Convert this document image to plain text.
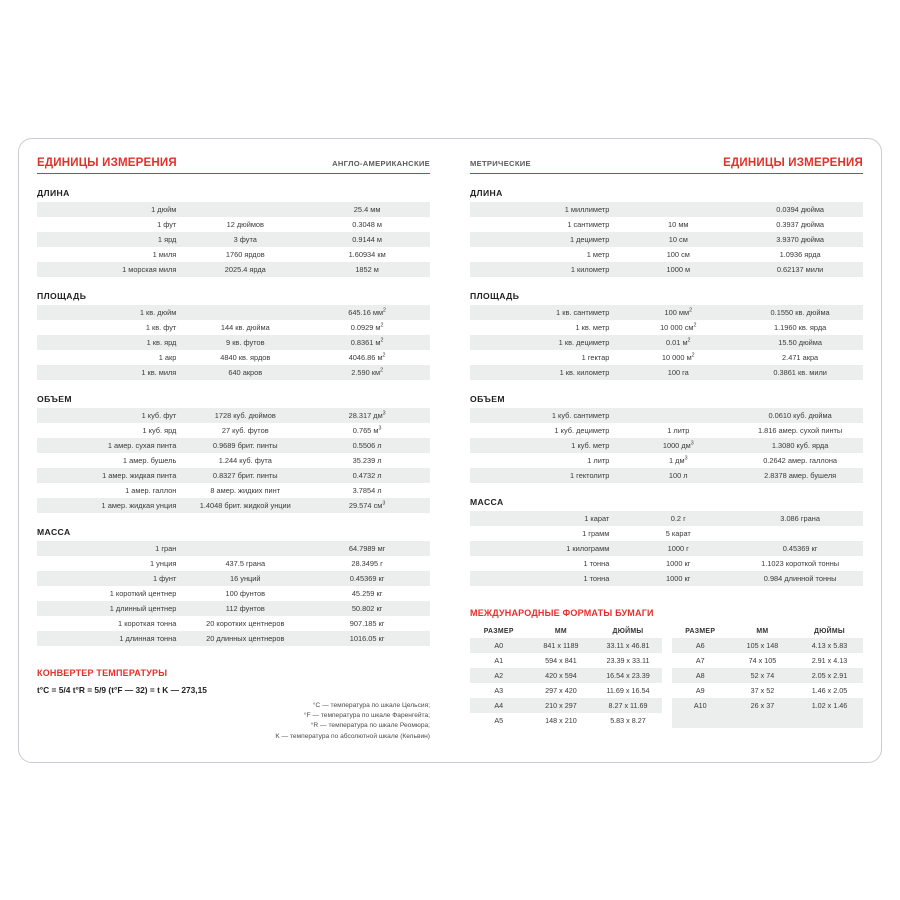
ЕДИНИЦЫ ИЗМЕРЕНИЯ	АНГЛО-АМЕРИКАНСКИЕ
ДЛИНА
1 дюйм		25.4 мм
1 фут	12 дюймов	0.3048 м
1 ярд	3 фута	0.9144 м
1 миля	1760 ярдов	1.60934 км
1 морская миля	2025.4 ярда	1852 м
ПЛОЩАДЬ
1 кв. дюйм		645.16 $мм^2$
1 кв. фут	144 кв. дюйма	0.0929 $м^2$
1 кв. ярд	9 кв. футов	0.8361 $м^2$
1 акр	4840 кв. ярдов	4046.86 $м^2$
1 кв. миля	640 акров	2.590 $км^2$
ОБЪЕМ
1 куб. фут	1728 куб. дюймов	28.317 $дм^3$
1 куб. ярд	27 куб. футов	0.765 $м^3$
1 амер. сухая пинта	0.9689 брит. пинты	0.5506 л
1 амер. бушель	1.244 куб. фута	35.239 л
1 амер. жидкая пинта	0.8327 брит. пинты	0.4732 л
1 амер. галлон	8 амер. жидких пинт	3.7854 л
1 амер. жидкая унция	1.4048 брит. жидкой унции	29.574 $см^3$
МАССА
1 гран		64.7989 мг
1 унция	437.5 грана	28.3495 г
1 фунт	16 унций	0.45369 кг
1 короткий центнер	100 фунтов	45.259 кг
1 длинный центнер	112 фунтов	50.802 кг
1 короткая тонна	20 коротких центнеров	907.185 кг
1 длинная тонна	20 длинных центнеров	1016.05 кг
КОНВЕРТЕР ТЕМПЕРАТУРЫ
t°C = 5/4 t°R = 5/9 (t°F — 32) = t K — 273,15
°С — температура по шкале Цельсия;
°F — температура по шкале Фаренгейта;
°R — температура по шкале Реомюра;
K — температура по абсолютной шкале (Кельвин)
ЕДИНИЦЫ ИЗМЕРЕНИЯ
МЕТРИЧЕСКИЕ
ДЛИНА
1 миллиметр		0.0394 дюйма
1 сантиметр	10 мм	0.3937 дюйма
1 дециметр	10 см	3.9370 дюйма
1 метр	100 см	1.0936 ярда
1 километр	1000 м	0.62137 мили
ПЛОЩАДЬ
1 кв. сантиметр	100 $мм^2$	0.1550 кв. дюйма
1 кв. метр	10 000 $см^2$	1.1960 кв. ярда
1 кв. дециметр	0.01 $м^2$	15.50 дюйма
1 гектар	10 000 $м^2$	2.471 акра
1 кв. километр	100 га	0.3861 кв. мили
ОБЪЕМ
1 куб. сантиметр		0.0610 куб. дюйма
1 куб. дециметр	1 литр	1.816 амер. сухой пинты
1 куб. метр	1000 $дм^3$	1.3080 куб. ярда
1 литр	1 $дм^3$	0.2642 амер. галлона
1 гектолитр	100 л	2.8378 амер. бушеля
МАССА
1 карат	0.2 г	3.086 грана
1 грамм	5 карат	
1 килограмм	1000 г	0.45369 кг
1 тонна	1000 кг	1.1023 короткой тонны
1 тонна	1000 кг	0.984 длинной тонны
МЕЖДУНАРОДНЫЕ ФОРМАТЫ БУМАГИ
РАЗМЕР	ММ	ДЮЙМЫ
A0	841 x 1189	33.11 x 46.81
A1	594 x 841	23.39 x 33.11
A2	420 x 594	16.54 x 23.39
A3	297 x 420	11.69 x 16.54
A4	210 x 297	8.27 x 11.69
A5	148 x 210	5.83 x 8.27
РАЗМЕР	ММ	ДЮЙМЫ
A6	105 x 148	4.13 x 5.83
A7	74 x 105	2.91 x 4.13
A8	52 x 74	2.05 x 2.91
A9	37 x 52	1.46 x 2.05
A10	26 x 37	1.02 x 1.46
